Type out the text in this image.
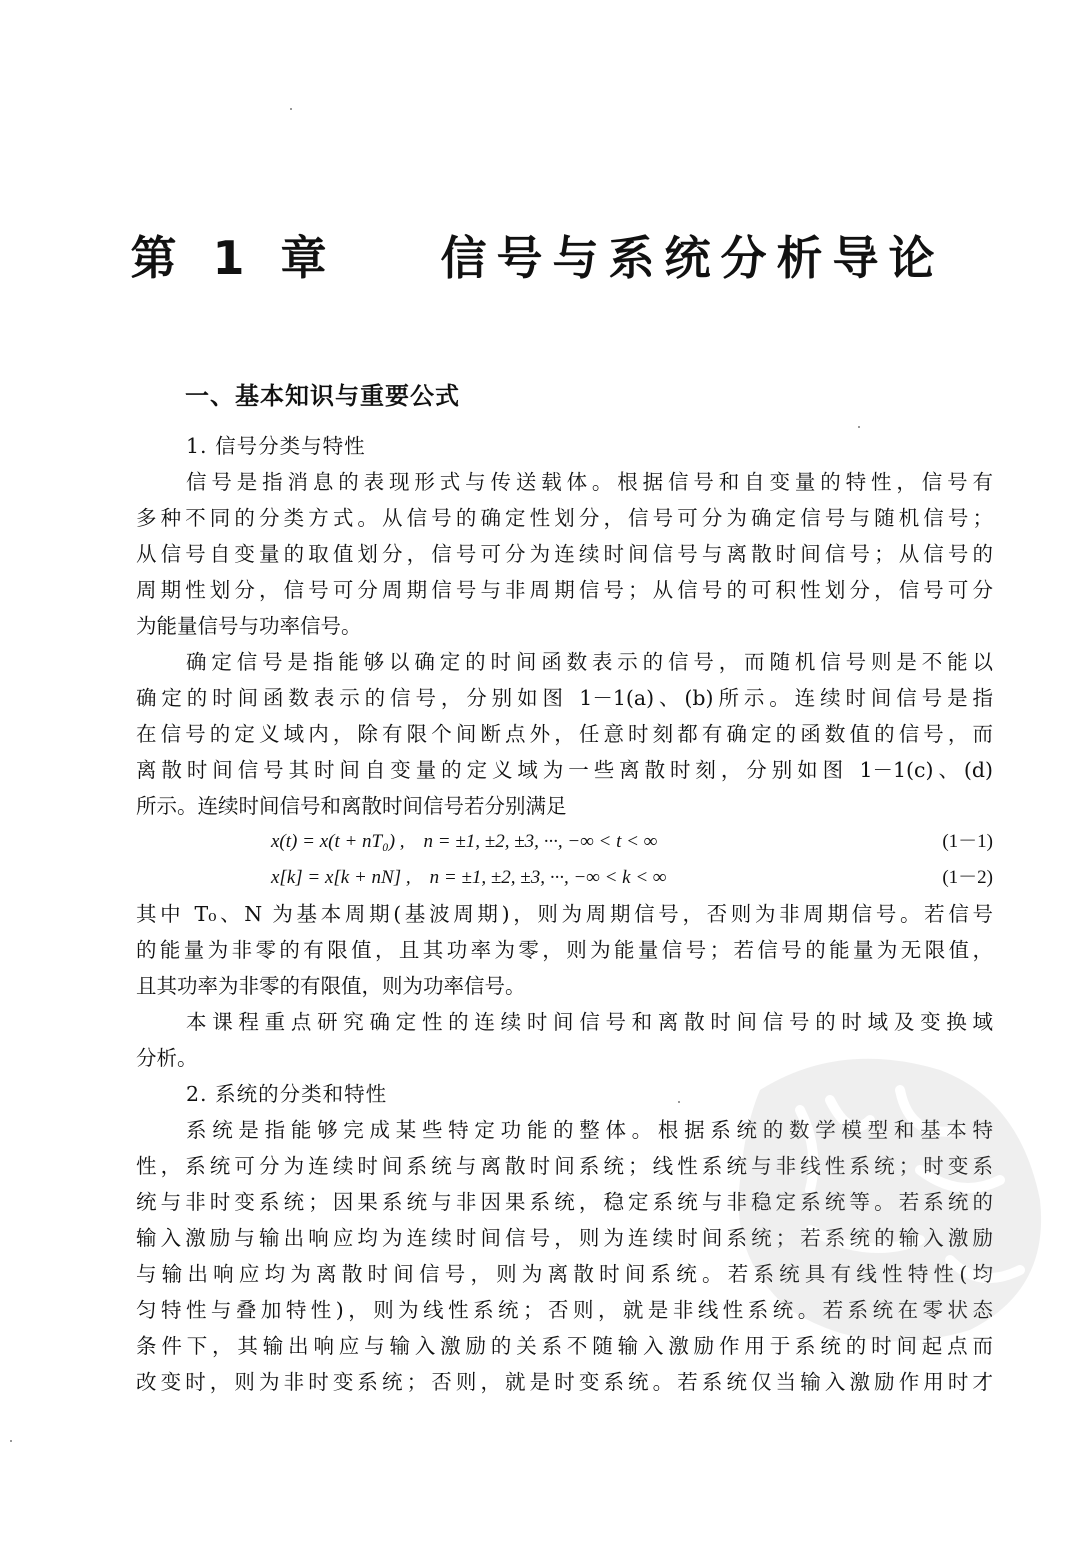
第 1 章    信号与系统分析导论
一、基本知识与重要公式
1. 信号分类与特性
信号是指消息的表现形式与传送载体。根据信号和自变量的特性，信号有
多种不同的分类方式。从信号的确定性划分，信号可分为确定信号与随机信号；
从信号自变量的取值划分，信号可分为连续时间信号与离散时间信号；从信号的
周期性划分，信号可分周期信号与非周期信号；从信号的可积性划分，信号可分
为能量信号与功率信号。
确定信号是指能够以确定的时间函数表示的信号，而随机信号则是不能以
确定的时间函数表示的信号，分别如图 1－1(a)、(b)所示。连续时间信号是指
在信号的定义域内，除有限个间断点外，任意时刻都有确定的函数值的信号，而
离散时间信号其时间自变量的定义域为一些离散时刻，分别如图 1－1(c)、(d)
所示。连续时间信号和离散时间信号若分别满足
x(t) = x(t + nT₀) ,    n = ±1, ±2, ±3, ···, −∞ < t < ∞	(1－1)
x[k] = x[k + nN] ,    n = ±1, ±2, ±3, ···, −∞ < k < ∞	(1－2)
其中 T₀、N 为基本周期(基波周期)，则为周期信号，否则为非周期信号。若信号
的能量为非零的有限值，且其功率为零，则为能量信号；若信号的能量为无限值，
且其功率为非零的有限值，则为功率信号。
本课程重点研究确定性的连续时间信号和离散时间信号的时域及变换域
分析。
2. 系统的分类和特性
系统是指能够完成某些特定功能的整体。根据系统的数学模型和基本特
性，系统可分为连续时间系统与离散时间系统；线性系统与非线性系统；时变系
统与非时变系统；因果系统与非因果系统，稳定系统与非稳定系统等。若系统的
输入激励与输出响应均为连续时间信号，则为连续时间系统；若系统的输入激励
与输出响应均为离散时间信号，则为离散时间系统。若系统具有线性特性(均
匀特性与叠加特性)，则为线性系统；否则，就是非线性系统。若系统在零状态
条件下，其输出响应与输入激励的关系不随输入激励作用于系统的时间起点而
改变时，则为非时变系统；否则，就是时变系统。若系统仅当输入激励作用时才
